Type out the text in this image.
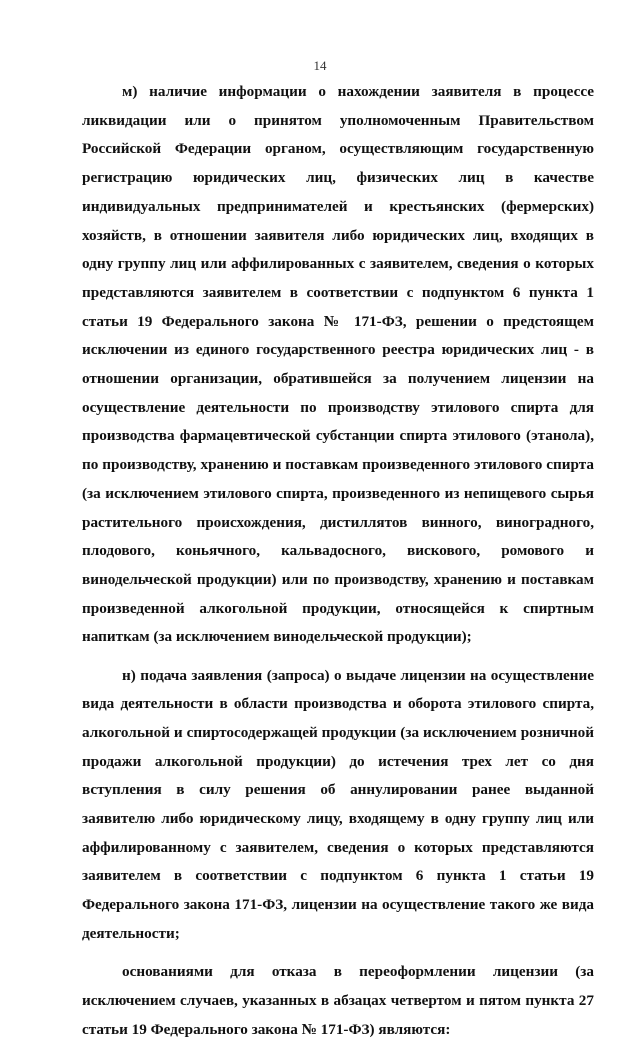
14

м) наличие информации о нахождении заявителя в процессе ликвидации или о принятом уполномоченным Правительством Российской Федерации органом, осуществляющим государственную регистрацию юридических лиц, физических лиц в качестве индивидуальных предпринимателей и крестьянских (фермерских) хозяйств, в отношении заявителя либо юридических лиц, входящих в одну группу лиц или аффилированных с заявителем, сведения о которых представляются заявителем в соответствии с подпунктом 6 пункта 1 статьи 19 Федерального закона № 171-ФЗ, решении о предстоящем исключении из единого государственного реестра юридических лиц - в отношении организации, обратившейся за получением лицензии на осуществление деятельности по производству этилового спирта для производства фармацевтической субстанции спирта этилового (этанола), по производству, хранению и поставкам произведенного этилового спирта (за исключением этилового спирта, произведенного из непищевого сырья растительного происхождения, дистиллятов винного, виноградного, плодового, коньячного, кальвадосного, вискового, ромового и винодельческой продукции) или по производству, хранению и поставкам произведенной алкогольной продукции, относящейся к спиртным напиткам (за исключением винодельческой продукции);

н) подача заявления (запроса) о выдаче лицензии на осуществление вида деятельности в области производства и оборота этилового спирта, алкогольной и спиртосодержащей продукции (за исключением розничной продажи алкогольной продукции) до истечения трех лет со дня вступления в силу решения об аннулировании ранее выданной заявителю либо юридическому лицу, входящему в одну группу лиц или аффилированному с заявителем, сведения о которых представляются заявителем в соответствии с подпунктом 6 пункта 1 статьи 19 Федерального закона 171-ФЗ, лицензии на осуществление такого же вида деятельности;

основаниями для отказа в переоформлении лицензии (за исключением случаев, указанных в абзацах четвертом и пятом пункта 27 статьи 19 Федерального закона № 171-ФЗ) являются:
